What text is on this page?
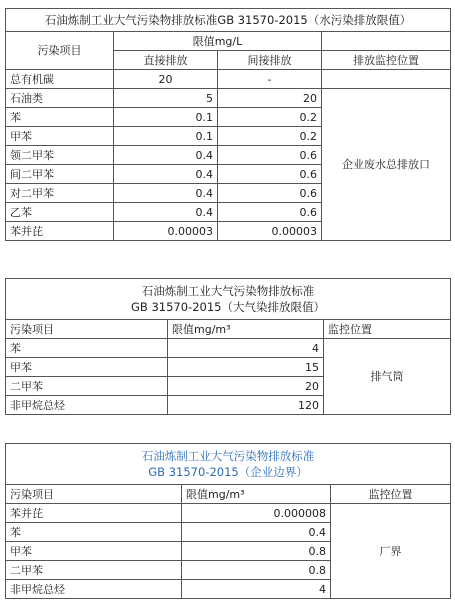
石油炼制工业大气污染物排放标准GB 31570-2015（水污染排放限值）			
污染项目	限值mg/L		
	直接排放	间接排放	排放监控位置
总有机碳	20	-	
石油类	5	20	企业废水总排放口
苯	0.1	0.2	
甲苯	0.1	0.2	
领二甲苯	0.4	0.6	
间二甲苯	0.4	0.6	
对二甲苯	0.4	0.6	
乙苯	0.4	0.6	
苯并芘	0.00003	0.00003	
石油炼制工业大气污染物排放标准
GB 31570-2015（大气染排放限值）		

污染项目	限值mg/m³	监控位置
苯	4	排气筒
甲苯	15	
二甲苯	20	
非甲烷总烃	120	
石油炼制工业大气污染物排放标准
GB 31570-2015（企业边界）		

污染项目	限值mg/m³	监控位置
苯并芘	0.000008	厂界
苯	0.4	
甲苯	0.8	
二甲苯	0.8	
非甲烷总烃	4	
